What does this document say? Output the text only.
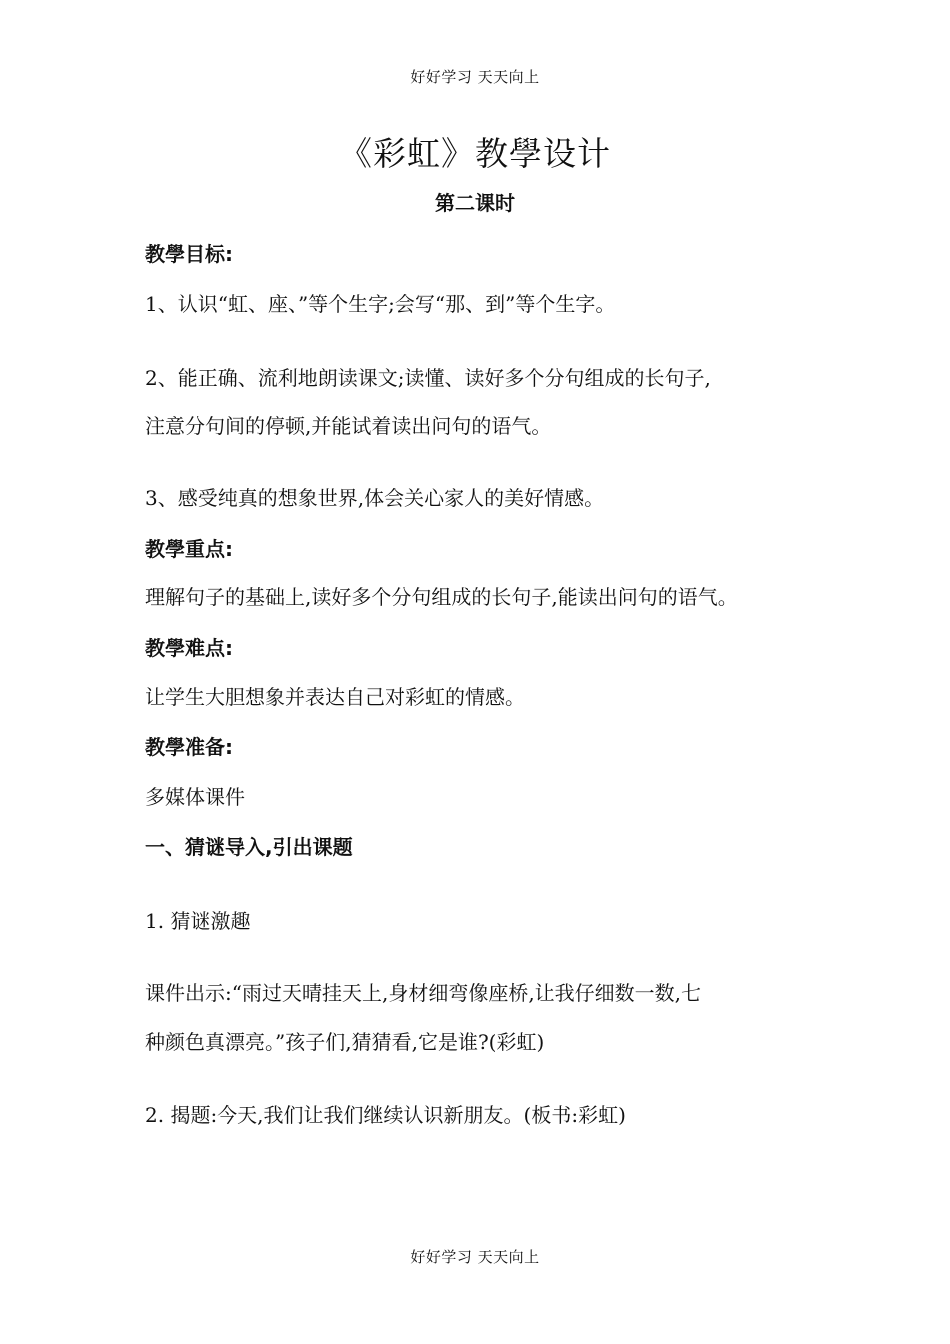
好好学习 天天向上
《彩虹》教學设计
第二课时
教學目标:
1、认识“虹、座、”等个生字;会写“那、到”等个生字。
2、能正确、流利地朗读课文;读懂、读好多个分句组成的长句子,
注意分句间的停顿,并能试着读出问句的语气。
3、感受纯真的想象世界,体会关心家人的美好情感。
教學重点:
理解句子的基础上,读好多个分句组成的长句子,能读出问句的语气。
教學难点:
让学生大胆想象并表达自己对彩虹的情感。
教學准备:
多媒体课件
一、猜谜导入,引出课题
1. 猜谜激趣
课件出示:“雨过天晴挂天上,身材细弯像座桥,让我仔细数一数,七
种颜色真漂亮。”孩子们,猜猜看,它是谁?(彩虹)
2. 揭题:今天,我们让我们继续认识新朋友。(板书:彩虹)
好好学习 天天向上
